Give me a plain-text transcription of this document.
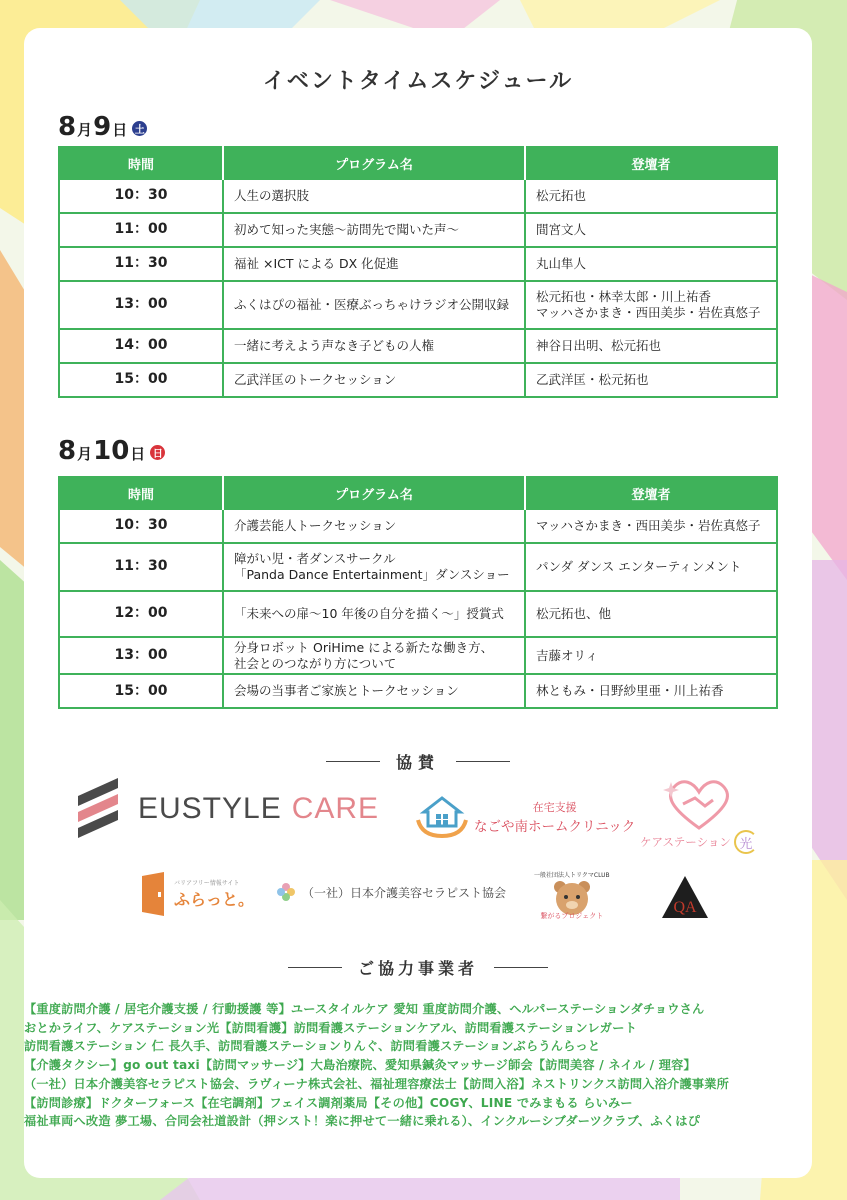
イベントタイムスケジュール
8 月 9 日 土
時間	プログラム名	登壇者
10：30	人生の選択肢	松元拓也
11：00	初めて知った実態～訪問先で聞いた声～	間宮文人
11：30	福祉 ×ICT による DX 化促進	丸山隼人
13：00	ふくはぴの福祉・医療ぶっちゃけラジオ公開収録	松元拓也・林幸太郎・川上祐香
マッハさかまき・西田美歩・岩佐真悠子
14：00	一緒に考えよう声なき子どもの人権	神谷日出明、松元拓也
15：00	乙武洋匡のトークセッション	乙武洋匡・松元拓也
8 月 10 日 日
時間	プログラム名	登壇者
10：30	介護芸能人トークセッション	マッハさかまき・西田美歩・岩佐真悠子
11：30	障がい児・者ダンスサークル
「Panda Dance Entertainment」ダンスショー	パンダ ダンス エンターティンメント
12：00	「未来への扉～10 年後の自分を描く～」授賞式	松元拓也、他
13：00	分身ロボット OriHime による新たな働き方、
社会とのつながり方について	吉藤オリィ
15：00	会場の当事者ご家族とトークセッション	林ともみ・日野紗里亜・川上祐香
協賛
EUSTYLE CARE	在宅支援
なごや南ホームクリニック
ケアステーション 光
バリアフリー情報サイト
ふらっと。	（一社）日本介護美容セラピスト協会
一般社団法人トリクマCLUB
繋がるプロジェクト	QA
ご協力事業者
【重度訪問介護 / 居宅介護支援 / 行動援護 等】ユースタイルケア 愛知 重度訪問介護、ヘルパーステーションダチョウさん
おとかライフ、ケアステーション光【訪問看護】訪問看護ステーションケアル、訪問看護ステーションレガート
訪問看護ステーション 仁 長久手、訪問看護ステーションりんぐ、訪問看護ステーションぶらうんらっと
【介護タクシー】go out taxi【訪問マッサージ】大島治療院、愛知県鍼灸マッサージ師会【訪問美容 / ネイル / 理容】
（一社）日本介護美容セラピスト協会、ラヴィーナ株式会社、福祉理容療法士【訪問入浴】ネストリンクス訪問入浴介護事業所
【訪問診療】ドクターフォース【在宅調剤】フェイス調剤薬局【その他】COGY、LINE でみまもる らいみー
福祉車両へ改造 夢工場、合同会社道設計（押シスト！楽に押せて一緒に乗れる）、インクルーシブダーツクラブ、ふくはぴ
